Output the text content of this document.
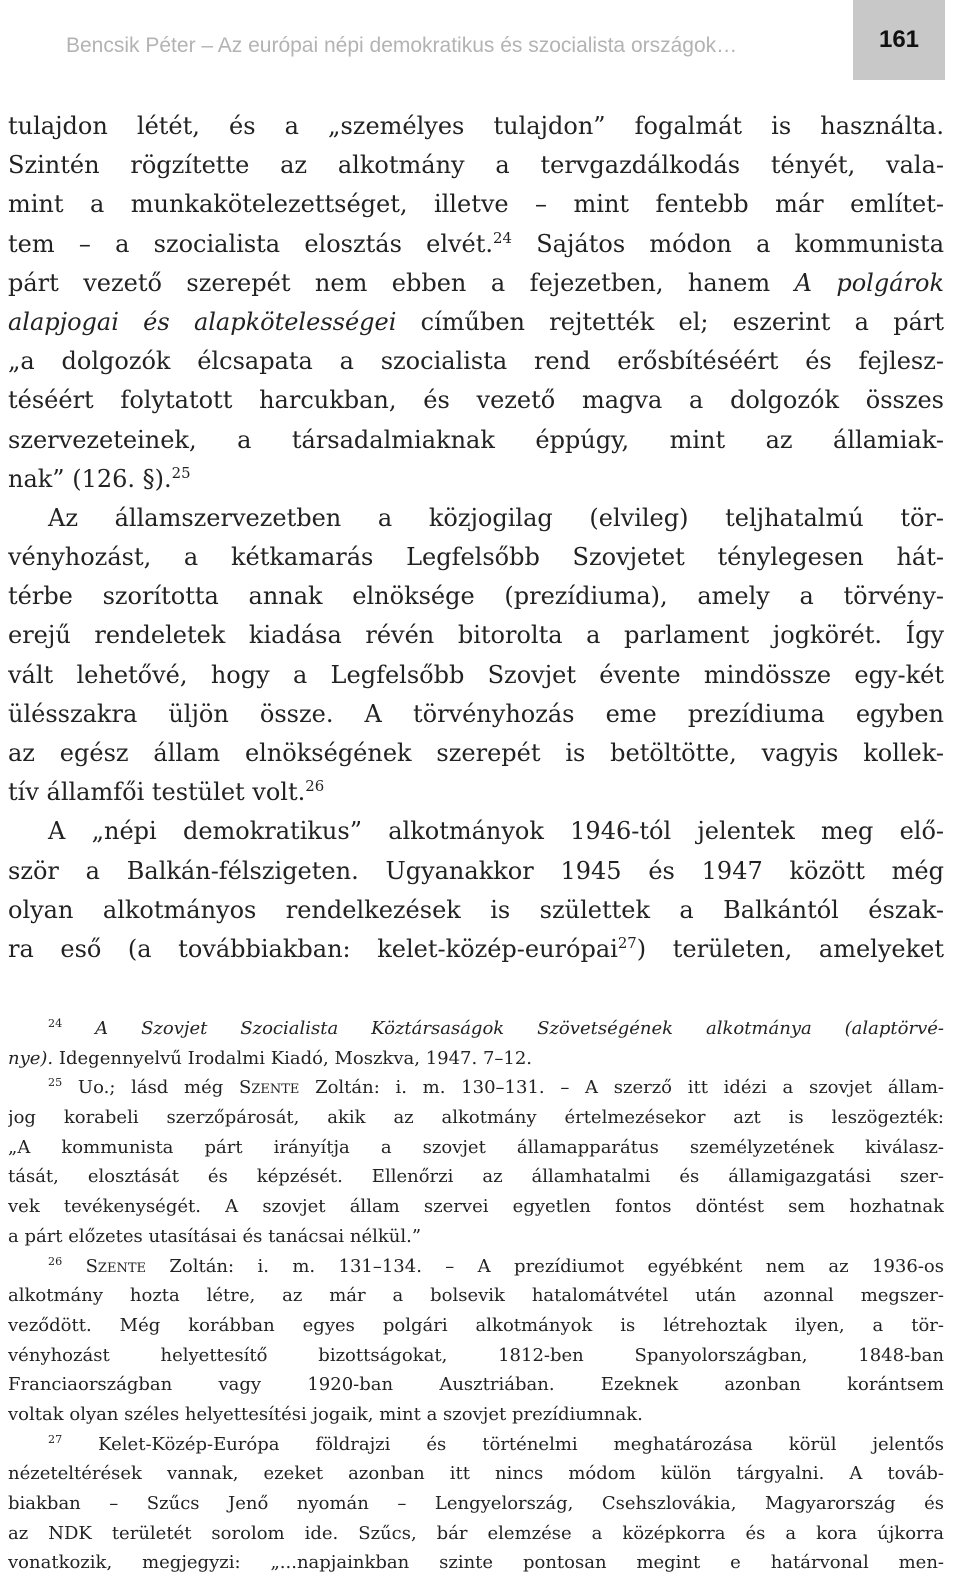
Bencsik Péter – Az európai népi demokratikus és szocialista országok…	161
tulajdon létét, és a „személyes tulajdon” fogalmát is használta.
Szintén rögzítette az alkotmány a tervgazdálkodás tényét, vala-
mint a munkakötelezettséget, illetve – mint fentebb már említet-
tem – a szocialista elosztás elvét.$^{24}$ Sajátos módon a kommunista
párt vezető szerepét nem ebben a fejezetben, hanem A polgárok
alapjogai és alapkötelességei címűben rejtették el; eszerint a párt
„a dolgozók élcsapata a szocialista rend erősbítéséért és fejlesz-
téséért folytatott harcukban, és vezető magva a dolgozók összes
szervezeteinek, a társadalmiaknak éppúgy, mint az államiak-
nak” (126. §).$^{25}$
Az államszervezetben a közjogilag (elvileg) teljhatalmú tör-
vényhozást, a kétkamarás Legfelsőbb Szovjetet ténylegesen hát-
térbe szorította annak elnöksége (prezídiuma), amely a törvény-
erejű rendeletek kiadása révén bitorolta a parlament jogkörét. Így
vált lehetővé, hogy a Legfelsőbb Szovjet évente mindössze egy-két
ülésszakra üljön össze. A törvényhozás eme prezídiuma egyben
az egész állam elnökségének szerepét is betöltötte, vagyis kollek-
tív államfői testület volt.$^{26}$
A „népi demokratikus” alkotmányok 1946-tól jelentek meg elő-
ször a Balkán-félszigeten. Ugyanakkor 1945 és 1947 között még
olyan alkotmányos rendelkezések is születtek a Balkántól észak-
ra eső (a továbbiakban: kelet-közép-európai$^{27}$) területen, amelyeket
$^{24}$ A Szovjet Szocialista Köztársaságok Szövetségének alkotmánya (alaptörvé-
nye). Idegennyelvű Irodalmi Kiadó, Moszkva, 1947. 7–12.
$^{25}$ Uo.; lásd még Szente Zoltán: i. m. 130–131. – A szerző itt idézi a szovjet állam-
jog korabeli szerzőpárosát, akik az alkotmány értelmezésekor azt is leszögezték:
„A kommunista párt irányítja a szovjet államapparátus személyzetének kiválasz-
tását, elosztását és képzését. Ellenőrzi az államhatalmi és államigazgatási szer-
vek tevékenységét. A szovjet állam szervei egyetlen fontos döntést sem hozhatnak
a párt előzetes utasításai és tanácsai nélkül.”
$^{26}$ Szente Zoltán: i. m. 131–134. – A prezídiumot egyébként nem az 1936-os
alkotmány hozta létre, az már a bolsevik hatalomátvétel után azonnal megszer-
veződött. Még korábban egyes polgári alkotmányok is létrehoztak ilyen, a tör-
vényhozást helyettesítő bizottságokat, 1812-ben Spanyolországban, 1848-ban
Franciaországban vagy 1920-ban Ausztriában. Ezeknek azonban korántsem
voltak olyan széles helyettesítési jogaik, mint a szovjet prezídiumnak.
$^{27}$ Kelet-Közép-Európa földrajzi és történelmi meghatározása körül jelentős
nézeteltérések vannak, ezeket azonban itt nincs módom külön tárgyalni. A továb-
biakban – Szűcs Jenő nyomán – Lengyelország, Csehszlovákia, Magyarország és
az NDK területét sorolom ide. Szűcs, bár elemzése a középkorra és a kora újkorra
vonatkozik, megjegyzi: „...napjainkban szinte pontosan megint e határvonal men-
